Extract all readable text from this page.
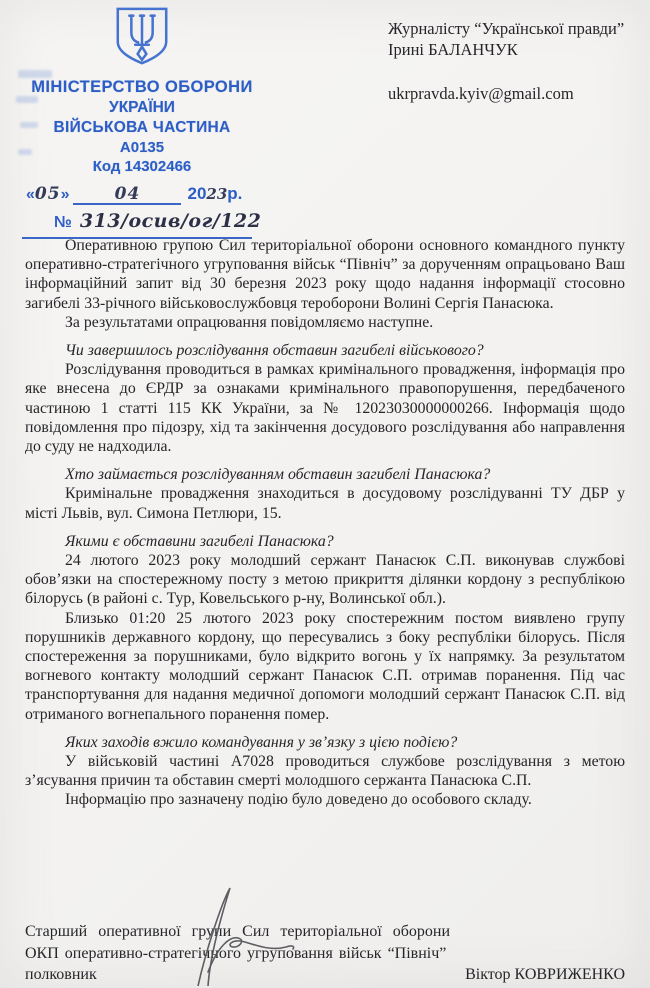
МІНІСТЕРСТВО ОБОРОНИ
УКРАЇНИ
ВІЙСЬКОВА ЧАСТИНА
А0135
Код 14302466
«05»	04	2023р.
№ 313/осив/ог/122
Журналісту “Української правди”
Ірині БАЛАНЧУК
ukrpravda.kyiv@gmail.com

Оперативною групою Сил територіальної оборони основного командного пункту оперативно-стратегічного угруповання військ “Північ” за дорученням опрацьовано Ваш інформаційний запит від 30 березня 2023 року щодо надання інформації стосовно загибелі 33-річного військовослужбовця тероборони Волині Сергія Панасюка.

За результатами опрацювання повідомляємо наступне.

Чи завершилось розслідування обставин загибелі військового?

Розслідування проводиться в рамках кримінального провадження, інформація про яке внесена до ЄРДР за ознаками кримінального правопорушення, передбаченого частиною 1 статті 115 КК України, за № 12023030000000266. Інформація щодо повідомлення про підозру, хід та закінчення досудового розслідування або направлення до суду не надходила.

Хто займається розслідуванням обставин загибелі Панасюка?

Кримінальне провадження знаходиться в досудовому розслідуванні ТУ ДБР у місті Львів, вул. Симона Петлюри, 15.

Якими є обставини загибелі Панасюка?

24 лютого 2023 року молодший сержант Панасюк С.П. виконував службові обов’язки на спостережному посту з метою прикриття ділянки кордону з республікою білорусь (в районі с. Тур, Ковельського р-ну, Волинської обл.).

Близько 01:20 25 лютого 2023 року спостережним постом виявлено групу порушників державного кордону, що пересувались з боку республіки білорусь. Після спостереження за порушниками, було відкрито вогонь у їх напрямку. За результатом вогневого контакту молодший сержант Панасюк С.П. отримав поранення. Під час транспортування для надання медичної допомоги молодший сержант Панасюк С.П. від отриманого вогнепального поранення помер.

Яких заходів вжило командування у зв’язку з цією подією?

У військовій частині А7028 проводиться службове розслідування з метою з’ясування причин та обставин смерті молодшого сержанта Панасюка С.П.

Інформацію про зазначену подію було доведено до особового складу.

Старший оперативної групи Сил територіальної оборони
ОКП оперативно-стратегічного угруповання військ “Північ”
полковник	Віктор КОВРИЖЕНКО
